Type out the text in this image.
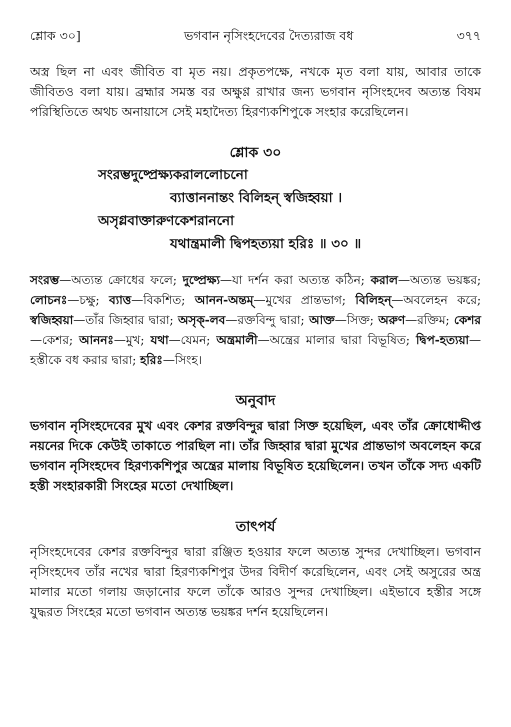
শ্লোক ৩০]	ভগবান নৃসিংহদেবের দৈত্যরাজ বধ	৩৭৭

অস্ত্র ছিল না এবং জীবিত বা মৃত নয়। প্রকৃতপক্ষে, নখকে মৃত বলা যায়, আবার তাকে জীবিতও বলা যায়। ব্রহ্মার সমস্ত বর অক্ষুণ্ণ রাখার জন্য ভগবান নৃসিংহদেব অত্যন্ত বিষম পরিস্থিতিতে অথচ অনায়াসে সেই মহাদৈত্য হিরণ্যকশিপুকে সংহার করেছিলেন।

শ্লোক ৩০
সংরম্ভদুষ্প্রেক্ষ্যকরাললোচনো
ব্যাত্তাননান্তং বিলিহন্ স্বজিহ্বয়া ।
অসৃগ্লবাক্তারুণকেশরাননো
যথান্ত্রমালী দ্বিপহত্যয়া হরিঃ ॥ ৩০ ॥

সংরম্ভ—অত্যন্ত ক্রোধের ফলে; দুষ্প্রেক্ষ্য—যা দর্শন করা অত্যন্ত কঠিন; করাল—অত্যন্ত ভয়ঙ্কর; লোচনঃ—চক্ষু; ব্যাত্ত—বিকশিত; আনন-অন্তম্—মুখের প্রান্তভাগ; বিলিহন্—অবলেহন করে; স্বজিহ্বয়া—তাঁর জিহ্বার দ্বারা; অসৃক্-লব—রক্তবিন্দু দ্বারা; আক্ত—সিক্ত; অরুণ—রক্তিম; কেশর—কেশর; আননঃ—মুখ; যথা—যেমন; অন্ত্রমালী—অন্ত্রের মালার দ্বারা বিভূষিত; দ্বিপ-হত্যয়া—হস্তীকে বধ করার দ্বারা; হরিঃ—সিংহ।

অনুবাদ

ভগবান নৃসিংহদেবের মুখ এবং কেশর রক্তবিন্দুর দ্বারা সিক্ত হয়েছিল, এবং তাঁর ক্রোধোদ্দীপ্ত নয়নের দিকে কেউই তাকাতে পারছিল না। তাঁর জিহ্বার দ্বারা মুখের প্রান্তভাগ অবলেহন করে ভগবান নৃসিংহদেব হিরণ্যকশিপুর অন্ত্রের মালায় বিভূষিত হয়েছিলেন। তখন তাঁকে সদ্য একটি হস্তী সংহারকারী সিংহের মতো দেখাচ্ছিল।

তাৎপর্য

নৃসিংহদেবের কেশর রক্তবিন্দুর দ্বারা রঞ্জিত হওয়ার ফলে অত্যন্ত সুন্দর দেখাচ্ছিল। ভগবান নৃসিংহদেব তাঁর নখের দ্বারা হিরণ্যকশিপুর উদর বিদীর্ণ করেছিলেন, এবং সেই অসুরের অন্ত্র মালার মতো গলায় জড়ানোর ফলে তাঁকে আরও সুন্দর দেখাচ্ছিল। এইভাবে হস্তীর সঙ্গে যুদ্ধরত সিংহের মতো ভগবান অত্যন্ত ভয়ঙ্কর দর্শন হয়েছিলেন।
